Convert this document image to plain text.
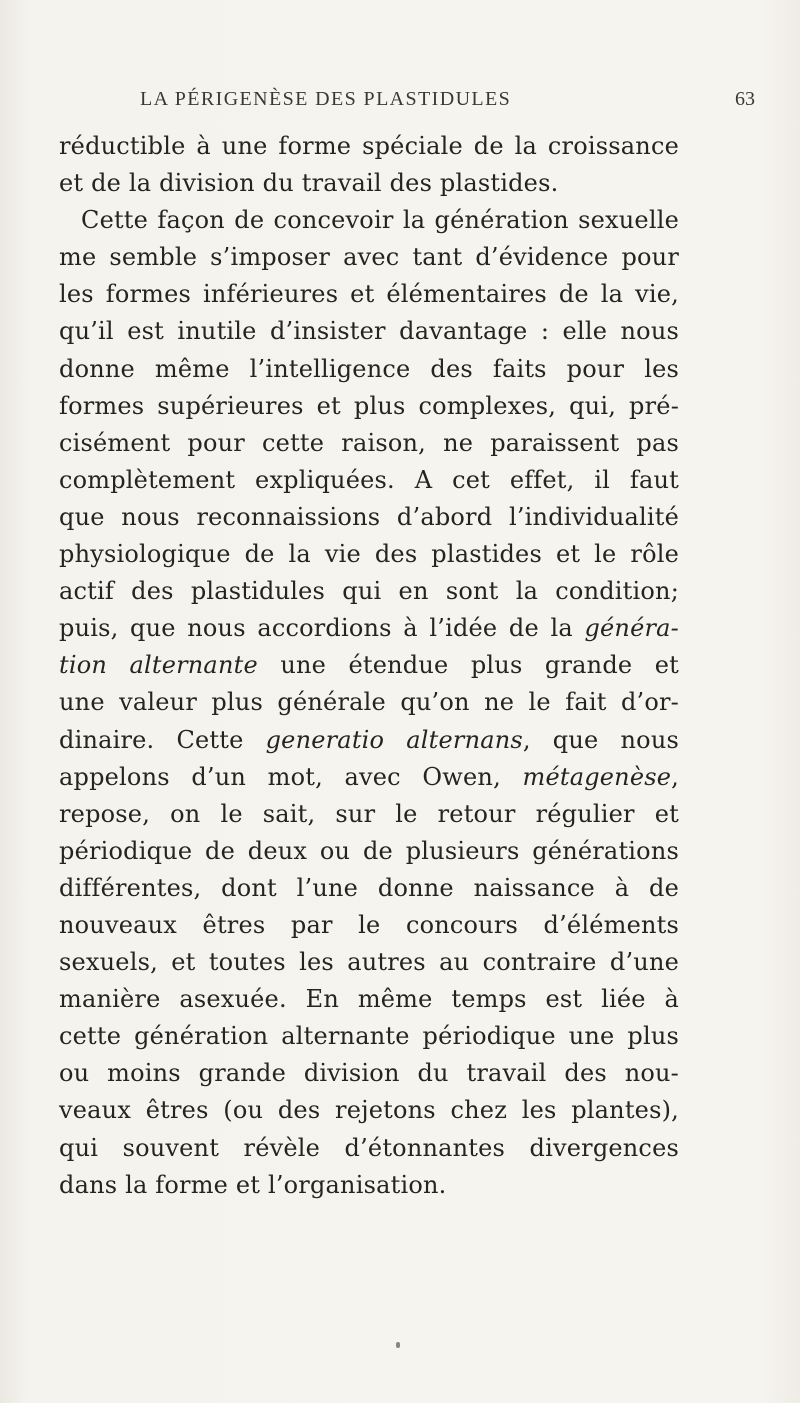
LA PÉRIGENÈSE DES PLASTIDULES	63
réductible à une forme spéciale de la croissance
et de la division du travail des plastides.
Cette façon de concevoir la génération sexuelle
me semble s’imposer avec tant d’évidence pour
les formes inférieures et élémentaires de la vie,
qu’il est inutile d’insister davantage : elle nous
donne même l’intelligence des faits pour les
formes supérieures et plus complexes, qui, pré-
cisément pour cette raison, ne paraissent pas
complètement expliquées. A cet effet, il faut
que nous reconnaissions d’abord l’individualité
physiologique de la vie des plastides et le rôle
actif des plastidules qui en sont la condition;
puis, que nous accordions à l’idée de la généra-
tion alternante une étendue plus grande et
une valeur plus générale qu’on ne le fait d’or-
dinaire. Cette generatio alternans, que nous
appelons d’un mot, avec Owen, métagenèse,
repose, on le sait, sur le retour régulier et
périodique de deux ou de plusieurs générations
différentes, dont l’une donne naissance à de
nouveaux êtres par le concours d’éléments
sexuels, et toutes les autres au contraire d’une
manière asexuée. En même temps est liée à
cette génération alternante périodique une plus
ou moins grande division du travail des nou-
veaux êtres (ou des rejetons chez les plantes),
qui souvent révèle d’étonnantes divergences
dans la forme et l’organisation.
